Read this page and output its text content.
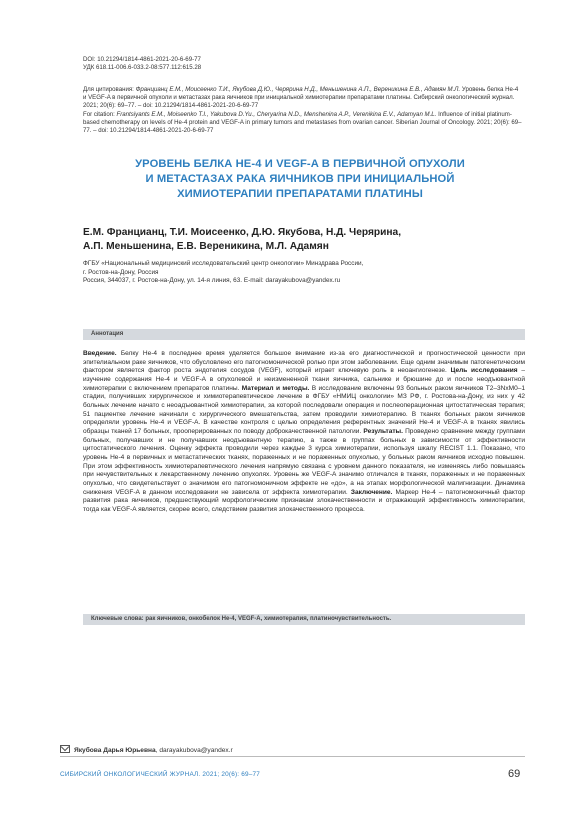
DOI: 10.21294/1814-4861-2021-20-6-69-77
УДК 618.11-006.6-033.2-08:577.112:615.28
Для цитирования: Францианц Е.М., Моисеенко Т.И., Якубова Д.Ю., Черярина Н.Д., Меньшенина А.П., Вереникина Е.В., Адамян М.Л. Уровень белка Не-4 и VEGF-A в первичной опухоли и метастазах рака яичников при инициальной химиотерапии препаратами платины. Сибирский онкологический журнал. 2021; 20(6): 69–77. – doi: 10.21294/1814-4861-2021-20-6-69-77
For citation: Frantsiyants E.M., Moiseenko T.I., Yakubova D.Yu., Cheryarina N.D., Menshenina A.P., Verenikina E.V., Adamyan M.L. Influence of initial platinum-based chemotherapy on levels of He-4 protein and VEGF-A in primary tumors and metastases from ovarian cancer. Siberian Journal of Oncology. 2021; 20(6): 69–77. – doi: 10.21294/1814-4861-2021-20-6-69-77
УРОВЕНЬ БЕЛКА НЕ-4 И VEGF-A В ПЕРВИЧНОЙ ОПУХОЛИ
И МЕТАСТАЗАХ РАКА ЯИЧНИКОВ ПРИ ИНИЦИАЛЬНОЙ
ХИМИОТЕРАПИИ ПРЕПАРАТАМИ ПЛАТИНЫ
Е.М. Францианц, Т.И. Моисеенко, Д.Ю. Якубова, Н.Д. Черярина,
А.П. Меньшенина, Е.В. Вереникина, М.Л. Адамян
ФГБУ «Национальный медицинский исследовательский центр онкологии» Минздрава России,
г. Ростов-на-Дону, Россия
Россия, 344037, г. Ростов-на-Дону, ул. 14-я линия, 63. E-mail: darayakubova@yandex.ru
Аннотация
Введение. Белку Не-4 в последнее время уделяется большое внимание из-за его диагностической и прогностической ценности при эпителиальном раке яичников, что обусловлено его патогномоничеcкой ролью при этом заболевании. Еще одним значимым патогенетическим фактором является фактор роста эндотелия сосудов (VEGF), который играет ключевую роль в неоангиогенезе. Цель исследования – изучение содержания Не-4 и VEGF-A в опухолевой и неизмененной ткани яичника, сальнике и брюшине до и после неодъювантной химиотерапии с включением препаратов платины. Материал и методы. В исследование включены 93 больных раком яичников T2–3NxM0–1 стадии, получивших хирургическое и химиотерапевтическое лечение в ФГБУ «НМИЦ онкологии» МЗ РФ, г. Ростова-на-Дону, из них у 42 больных лечение начато с неоадъювантной химиотерапии, за которой последовали операция и послеоперационная цитостатическая терапия; 51 пациентке лечение начинали с хирургического вмешательства, затем проводили химиотерапию. В тканях больных раком яичников определяли уровень Не-4 и VEGF-A. В качестве контроля с целью определения референтных значений Не-4 и VEGF-A в тканях явились образцы тканей 17 больных, прооперированных по поводу доброкачественной патологии. Результаты. Проведено сравнение между группами больных, получавших и не получавших неодъювантную терапию, а также в группах больных в зависимости от эффективности цитостатического лечения. Оценку эффекта проводили через каждые 3 курса химиотерапии, используя шкалу RECIST 1.1. Показано, что уровень Не-4 в первичных и метастатических тканях, пораженных и не пораженных опухолью, у больных раком яичников исходно повышен. При этом эффективность химиотерапевтического лечения напрямую связана с уровнем данного показателя, не изменяясь либо повышаясь при нечувствительных к лекарственному лечению опухолях. Уровень же VEGF-A значимо отличался в тканях, пораженных и не пораженных опухолью, что свидетельствует о значимом его патогномоничном эффекте не «до», а на этапах морфологической малигнизации. Динамика снижения VEGF-A в данном исследовании не зависела от эффекта химиотерапии. Заключение. Маркер Не-4 – патогномоничный фактор развития рака яичников, предшествующий морфологическим признакам злокачественности и отражающий эффективность химиотерапии, тогда как VEGF-A является, скорее всего, следствием развития злокачественного процесса.
Ключевые слова: рак яичников, онкобелок Не-4, VEGF-A, химиотерапия, платиночувствительность.
Якубова Дарья Юрьевна, darayakubova@yandex.r
СИБИРСКИЙ ОНКОЛОГИЧЕСКИЙ ЖУРНАЛ. 2021; 20(6): 69–77	69
